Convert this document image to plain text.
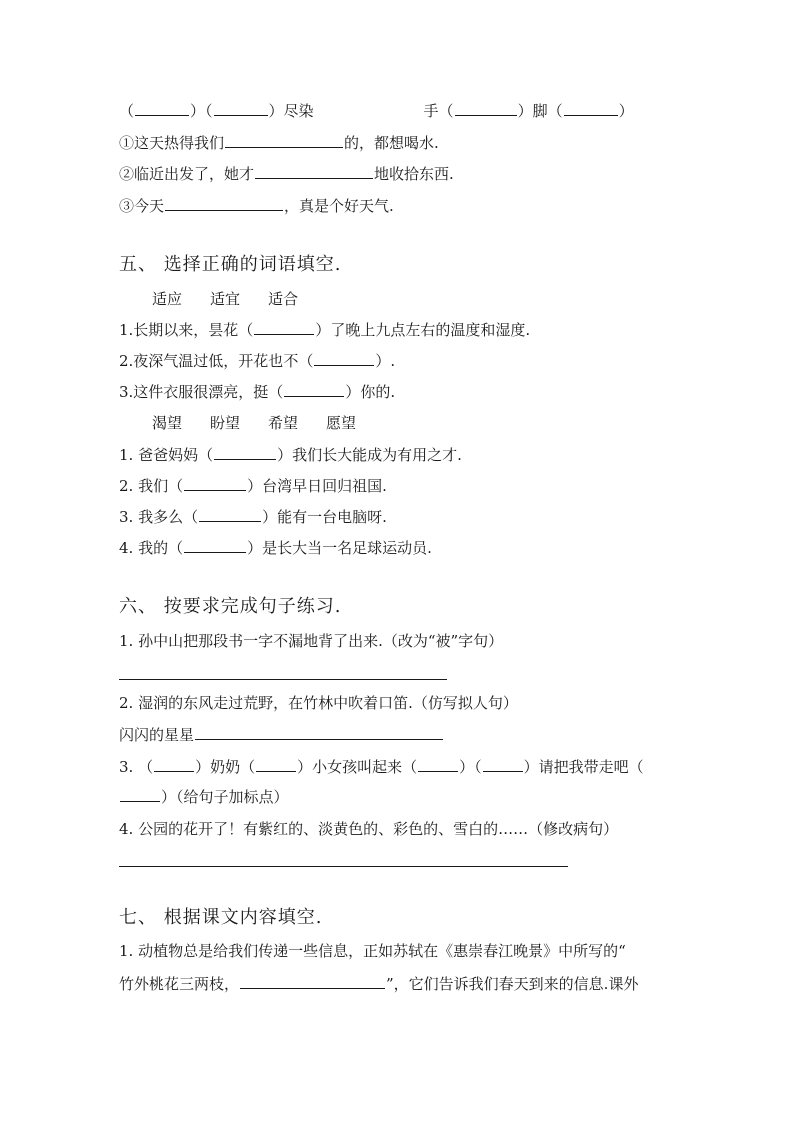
（	）（	）尽染	手（	）脚（	）
①这天热得我们	的，都想喝水.
②临近出发了，她才	地收拾东西.
③今天	，真是个好天气.
五、 选择正确的词语填空.
适应 适宜 适合
1.长期以来，昙花（	）了晚上九点左右的温度和湿度.
2.夜深气温过低，开花也不（	）.
3.这件衣服很漂亮，挺（	）你的.
渴望 盼望 希望 愿望
1. 爸爸妈妈（	）我们长大能成为有用之才.
2. 我们（	）台湾早日回归祖国.
3. 我多么（	）能有一台电脑呀.
4. 我的（	）是长大当一名足球运动员.
六、 按要求完成句子练习.
1. 孙中山把那段书一字不漏地背了出来.（改为“被”字句）
2. 湿润的东风走过荒野，在竹林中吹着口笛.（仿写拟人句）
闪闪的星星
3. （	）奶奶（	）小女孩叫起来（	）（	）请把我带走吧（
）（给句子加标点）
4. 公园的花开了！有紫红的、淡黄色的、彩色的、雪白的……（修改病句）
七、 根据课文内容填空.
1. 动植物总是给我们传递一些信息，正如苏轼在《惠崇春江晚景》中所写的“
竹外桃花三两枝，	”，它们告诉我们春天到来的信息.课外
